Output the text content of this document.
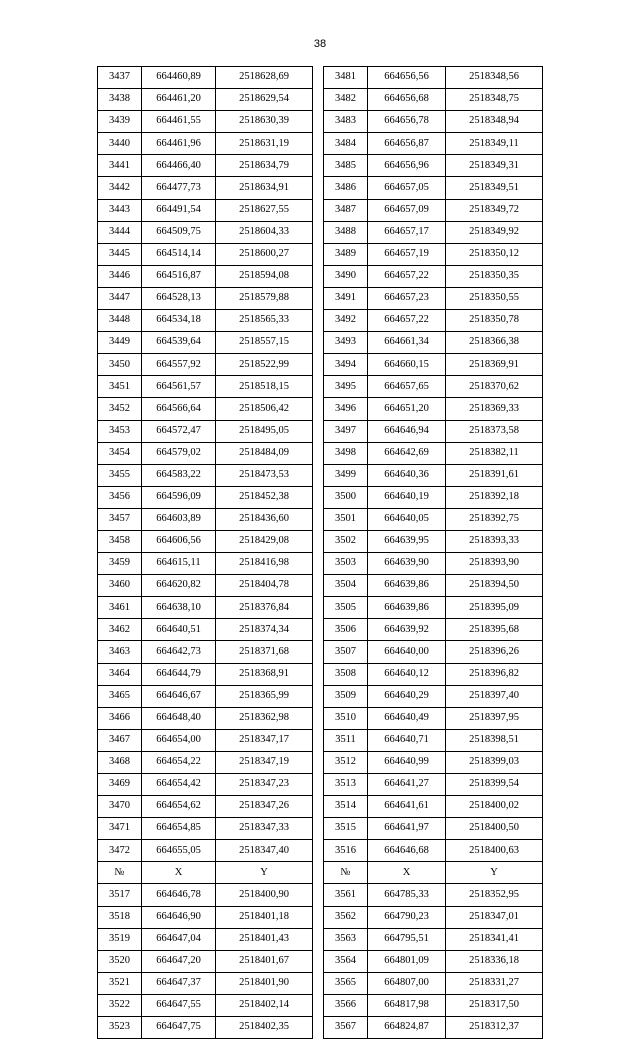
38
3437	664460,89	2518628,69		3481	664656,56	2518348,56
3438	664461,20	2518629,54		3482	664656,68	2518348,75
3439	664461,55	2518630,39		3483	664656,78	2518348,94
3440	664461,96	2518631,19		3484	664656,87	2518349,11
3441	664466,40	2518634,79		3485	664656,96	2518349,31
3442	664477,73	2518634,91		3486	664657,05	2518349,51
3443	664491,54	2518627,55		3487	664657,09	2518349,72
3444	664509,75	2518604,33		3488	664657,17	2518349,92
3445	664514,14	2518600,27		3489	664657,19	2518350,12
3446	664516,87	2518594,08		3490	664657,22	2518350,35
3447	664528,13	2518579,88		3491	664657,23	2518350,55
3448	664534,18	2518565,33		3492	664657,22	2518350,78
3449	664539,64	2518557,15		3493	664661,34	2518366,38
3450	664557,92	2518522,99		3494	664660,15	2518369,91
3451	664561,57	2518518,15		3495	664657,65	2518370,62
3452	664566,64	2518506,42		3496	664651,20	2518369,33
3453	664572,47	2518495,05		3497	664646,94	2518373,58
3454	664579,02	2518484,09		3498	664642,69	2518382,11
3455	664583,22	2518473,53		3499	664640,36	2518391,61
3456	664596,09	2518452,38		3500	664640,19	2518392,18
3457	664603,89	2518436,60		3501	664640,05	2518392,75
3458	664606,56	2518429,08		3502	664639,95	2518393,33
3459	664615,11	2518416,98		3503	664639,90	2518393,90
3460	664620,82	2518404,78		3504	664639,86	2518394,50
3461	664638,10	2518376,84		3505	664639,86	2518395,09
3462	664640,51	2518374,34		3506	664639,92	2518395,68
3463	664642,73	2518371,68		3507	664640,00	2518396,26
3464	664644,79	2518368,91		3508	664640,12	2518396,82
3465	664646,67	2518365,99		3509	664640,29	2518397,40
3466	664648,40	2518362,98		3510	664640,49	2518397,95
3467	664654,00	2518347,17		3511	664640,71	2518398,51
3468	664654,22	2518347,19		3512	664640,99	2518399,03
3469	664654,42	2518347,23		3513	664641,27	2518399,54
3470	664654,62	2518347,26		3514	664641,61	2518400,02
3471	664654,85	2518347,33		3515	664641,97	2518400,50
3472	664655,05	2518347,40		3516	664646,68	2518400,63
№	X	Y		№	X	Y
3517	664646,78	2518400,90		3561	664785,33	2518352,95
3518	664646,90	2518401,18		3562	664790,23	2518347,01
3519	664647,04	2518401,43		3563	664795,51	2518341,41
3520	664647,20	2518401,67		3564	664801,09	2518336,18
3521	664647,37	2518401,90		3565	664807,00	2518331,27
3522	664647,55	2518402,14		3566	664817,98	2518317,50
3523	664647,75	2518402,35		3567	664824,87	2518312,37
